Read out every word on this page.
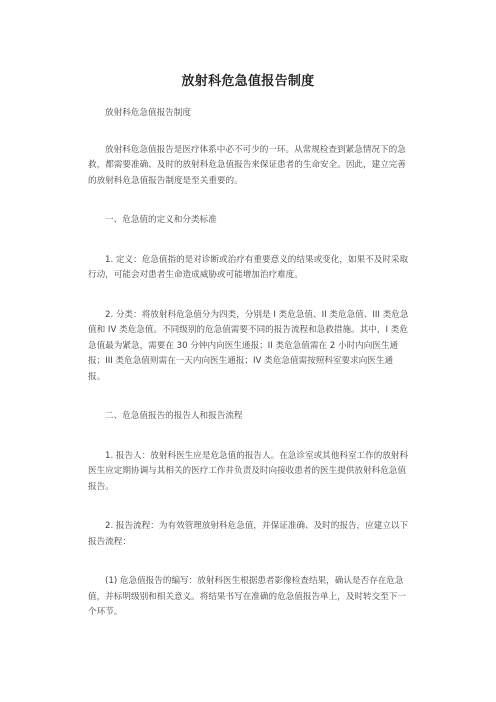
放射科危急值报告制度

放射科危急值报告制度

放射科危急值报告是医疗体系中必不可少的一环。从常规检查到紧急情况下的急救，都需要准确、及时的放射科危急值报告来保证患者的生命安全。因此，建立完善的放射科危急值报告制度是至关重要的。

一、危急值的定义和分类标准

1. 定义：危急值指的是对诊断或治疗有重要意义的结果或变化，如果不及时采取行动，可能会对患者生命造成威胁或可能增加治疗难度。

2. 分类：将放射科危急值分为四类，分别是 I 类危急值、II 类危急值、III 类危急值和 IV 类危急值。不同级别的危急值需要不同的报告流程和急救措施。其中，I 类危急值最为紧急，需要在 30 分钟内向医生通报；II 类危急值需在 2 小时内向医生通报；III 类危急值则需在一天内向医生通报；IV 类危急值需按照科室要求向医生通报。

二、危急值报告的报告人和报告流程

1. 报告人：放射科医生应是危急值的报告人。在急诊室或其他科室工作的放射科医生应定期协调与其相关的医疗工作并负责及时向接收患者的医生提供放射科危急值报告。

2. 报告流程：为有效管理放射科危急值，并保证准确、及时的报告，应建立以下报告流程：

(1) 危急值报告的编写：放射科医生根据患者影像检查结果，确认是否存在危急值，并标明级别和相关意义。将结果书写在准确的危急值报告单上，及时转交至下一个环节。
